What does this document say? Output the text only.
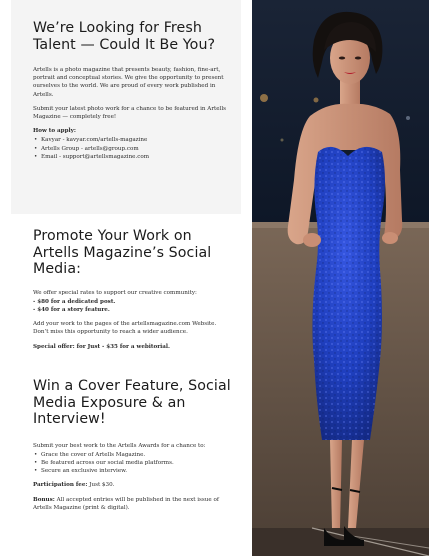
We’re Looking for Fresh Talent — Could It Be You?

Artells is a photo magazine that presents beauty, fashion, fine-art, portrait and conceptual stories. We give the opportunity to present ourselves to the world. We are proud of every work published in Artells.

Submit your latest photo work for a chance to be featured in Artells Magazine — completely free!

How to apply:

• Kavyar - kavyar.com/artells-magazine
• Artells Group - artells@group.com
• Email - support@artellsmagazine.com
Promote Your Work on Artells Magazine’s Social Media:

We offer special rates to support our creative community:

- $80 for a dedicated post.
- $40 for a story feature.

Add your work to the pages of the artellsmagazine.com Website. Don’t miss this opportunity to reach a wider audience.

Special offer: for Just - $35 for a webitorial.

Win a Cover Feature, Social Media Exposure & an Interview!

Submit your best work to the Artells Awards for a chance to:

• Grace the cover of Artells Magazine.
• Be featured across our social media platforms.
• Secure an exclusive interview.

Participation fee: Just $30.

Bonus: All accepted entries will be published in the next issue of Artells Magazine (print & digital).
